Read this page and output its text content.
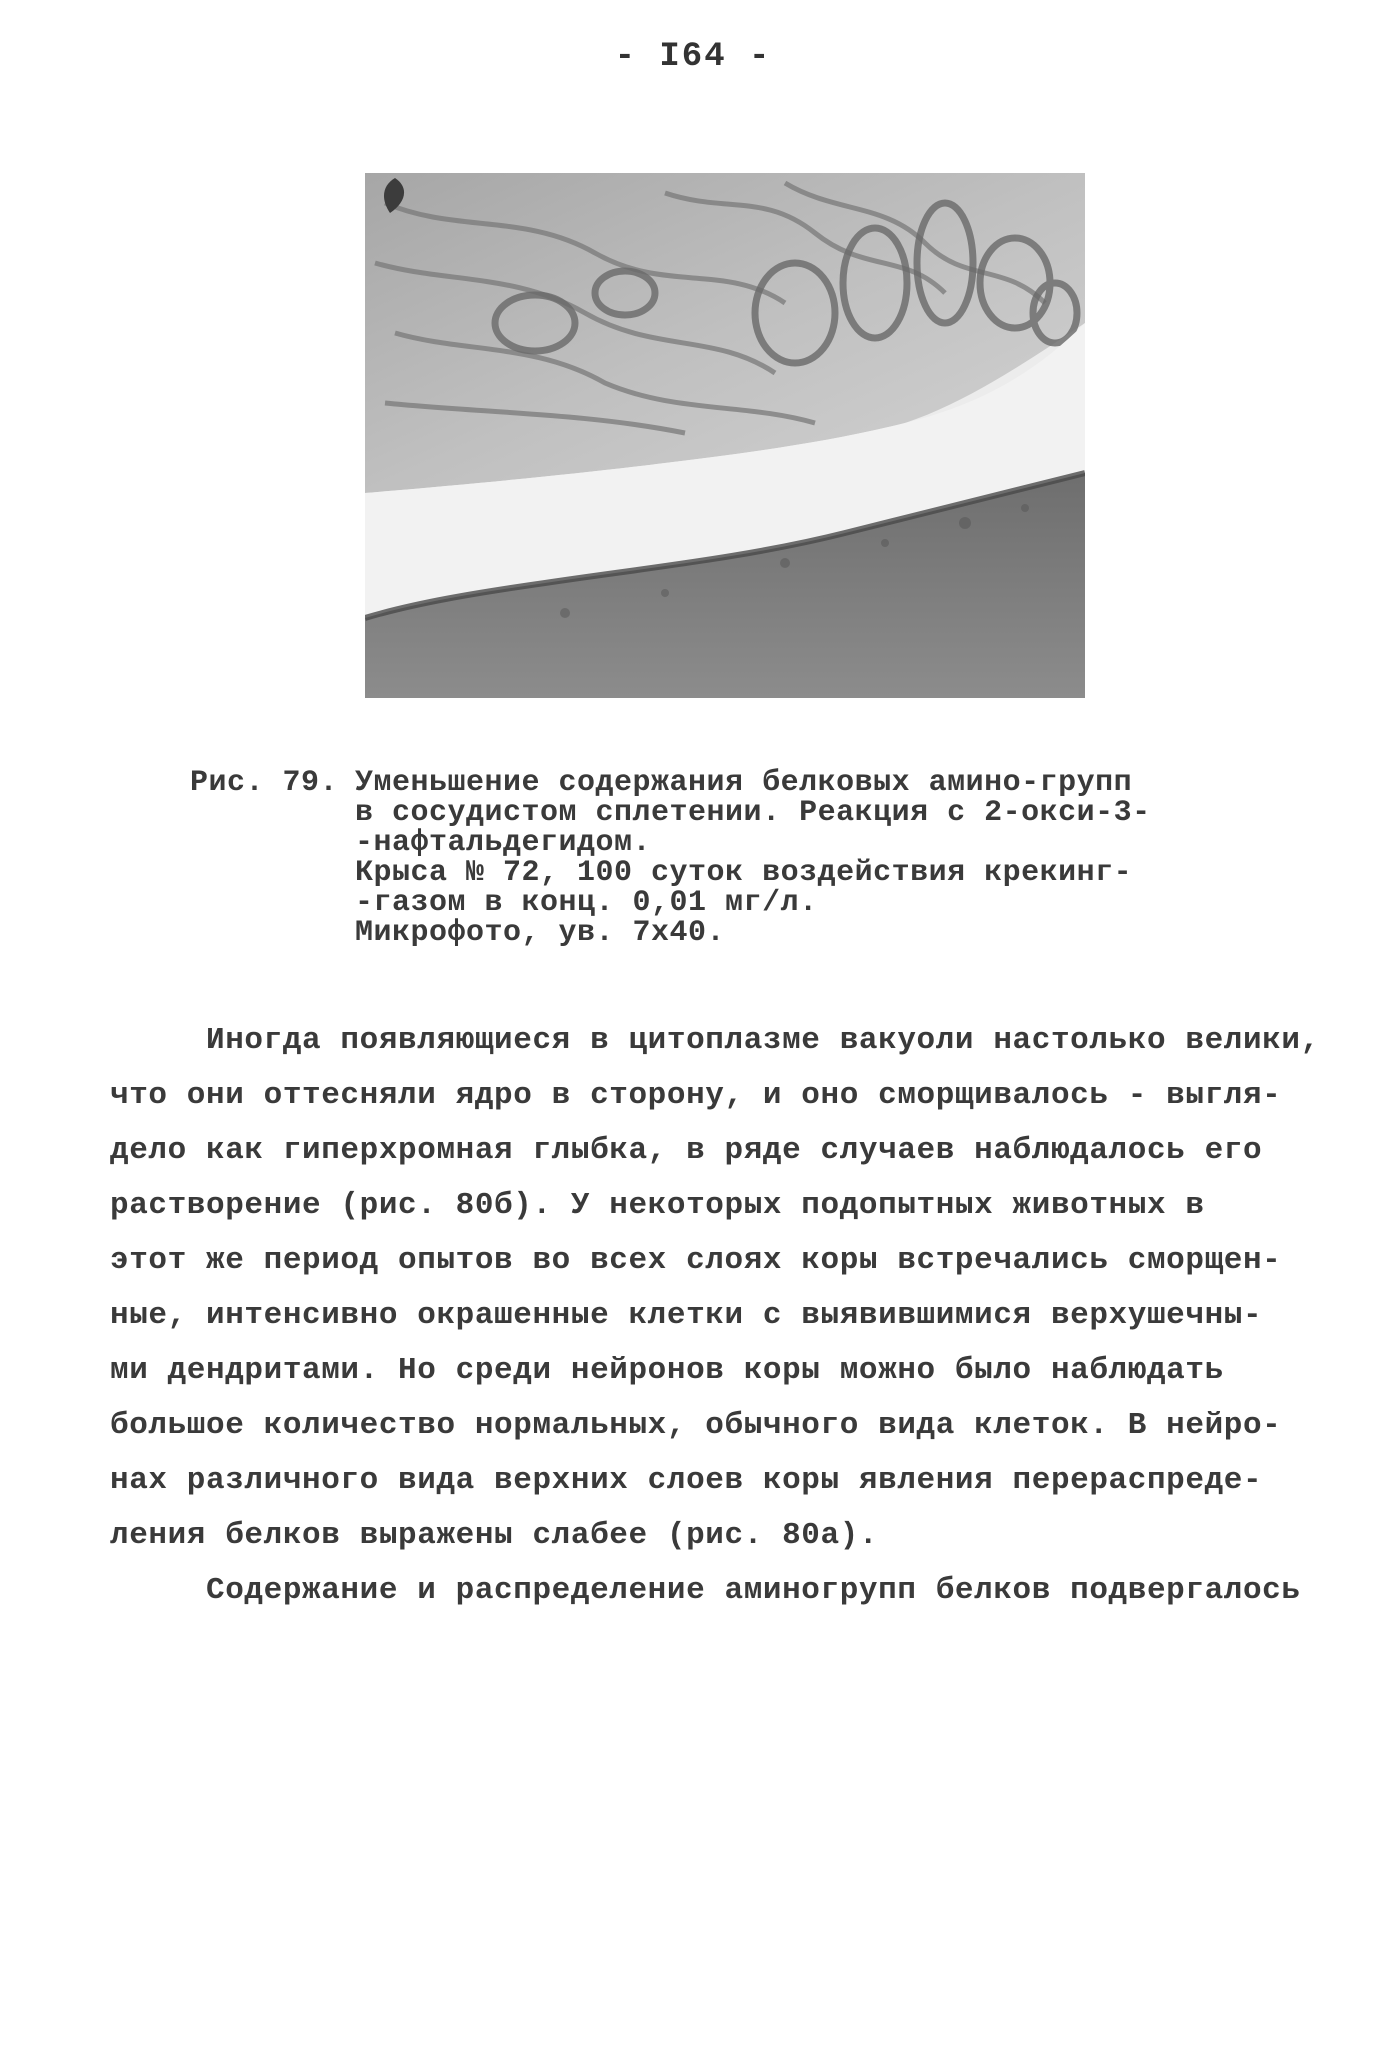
- I64 -
Рис. 79. Уменьшение содержания белковых амино-групп
в сосудистом сплетении. Реакция с 2-окси-3-
-нафтальдегидом.
Крыса № 72, 100 суток воздействия крекинг-
-газом в конц. 0,01 мг/л.
Микрофото, ув. 7х40.
Иногда появляющиеся в цитоплазме вакуоли настолько велики,
что они оттесняли ядро в сторону, и оно сморщивалось - выгля-
дело как гиперхромная глыбка, в ряде случаев наблюдалось его
растворение (рис. 80б). У некоторых подопытных животных в
этот же период опытов во всех слоях коры встречались сморщен-
ные, интенсивно окрашенные клетки с выявившимися верхушечны-
ми дендритами. Но среди нейронов коры можно было наблюдать
большое количество нормальных, обычного вида клеток. В нейро-
нах различного вида верхних слоев коры явления перераспреде-
ления белков выражены слабее (рис. 80а).
Содержание и распределение аминогрупп белков подвергалось
